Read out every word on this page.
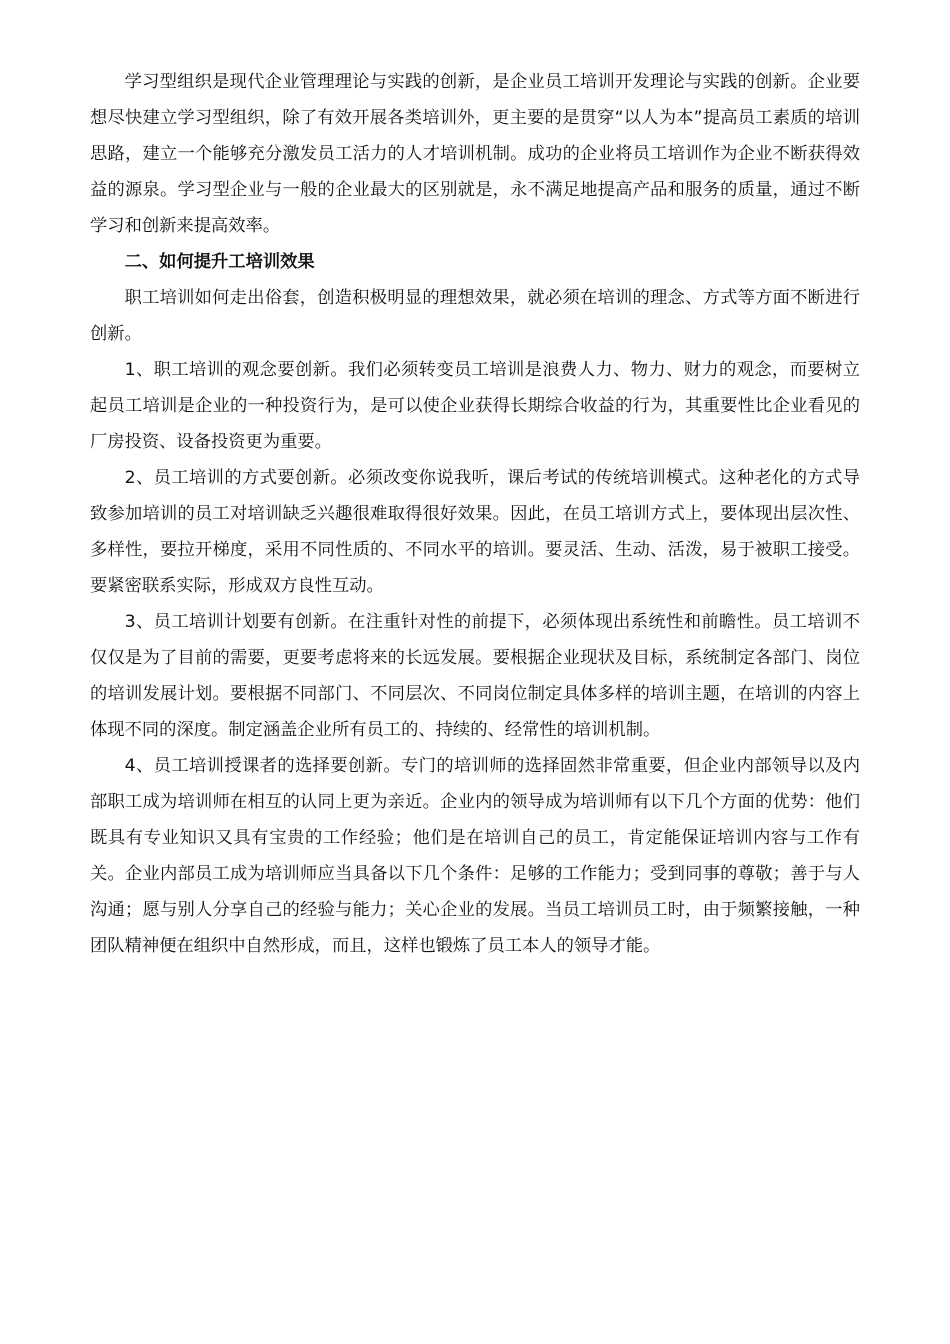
学习型组织是现代企业管理理论与实践的创新，是企业员工培训开发理论与实践的创新。企业要想尽快建立学习型组织，除了有效开展各类培训外，更主要的是贯穿“以人为本”提高员工素质的培训思路，建立一个能够充分激发员工活力的人才培训机制。成功的企业将员工培训作为企业不断获得效益的源泉。学习型企业与一般的企业最大的区别就是，永不满足地提高产品和服务的质量，通过不断学习和创新来提高效率。

二、如何提升工培训效果

职工培训如何走出俗套，创造积极明显的理想效果，就必须在培训的理念、方式等方面不断进行创新。

1、职工培训的观念要创新。我们必须转变员工培训是浪费人力、物力、财力的观念，而要树立起员工培训是企业的一种投资行为，是可以使企业获得长期综合收益的行为，其重要性比企业看见的厂房投资、设备投资更为重要。

2、员工培训的方式要创新。必须改变你说我听，课后考试的传统培训模式。这种老化的方式导致参加培训的员工对培训缺乏兴趣很难取得很好效果。因此，在员工培训方式上，要体现出层次性、多样性，要拉开梯度，采用不同性质的、不同水平的培训。要灵活、生动、活泼，易于被职工接受。要紧密联系实际，形成双方良性互动。

3、员工培训计划要有创新。在注重针对性的前提下，必须体现出系统性和前瞻性。员工培训不仅仅是为了目前的需要，更要考虑将来的长远发展。要根据企业现状及目标，系统制定各部门、岗位的培训发展计划。要根据不同部门、不同层次、不同岗位制定具体多样的培训主题，在培训的内容上体现不同的深度。制定涵盖企业所有员工的、持续的、经常性的培训机制。

4、员工培训授课者的选择要创新。专门的培训师的选择固然非常重要，但企业内部领导以及内部职工成为培训师在相互的认同上更为亲近。企业内的领导成为培训师有以下几个方面的优势：他们既具有专业知识又具有宝贵的工作经验；他们是在培训自己的员工，肯定能保证培训内容与工作有关。企业内部员工成为培训师应当具备以下几个条件：足够的工作能力；受到同事的尊敬；善于与人沟通；愿与别人分享自己的经验与能力；关心企业的发展。当员工培训员工时，由于频繁接触，一种团队精神便在组织中自然形成，而且，这样也锻炼了员工本人的领导才能。
